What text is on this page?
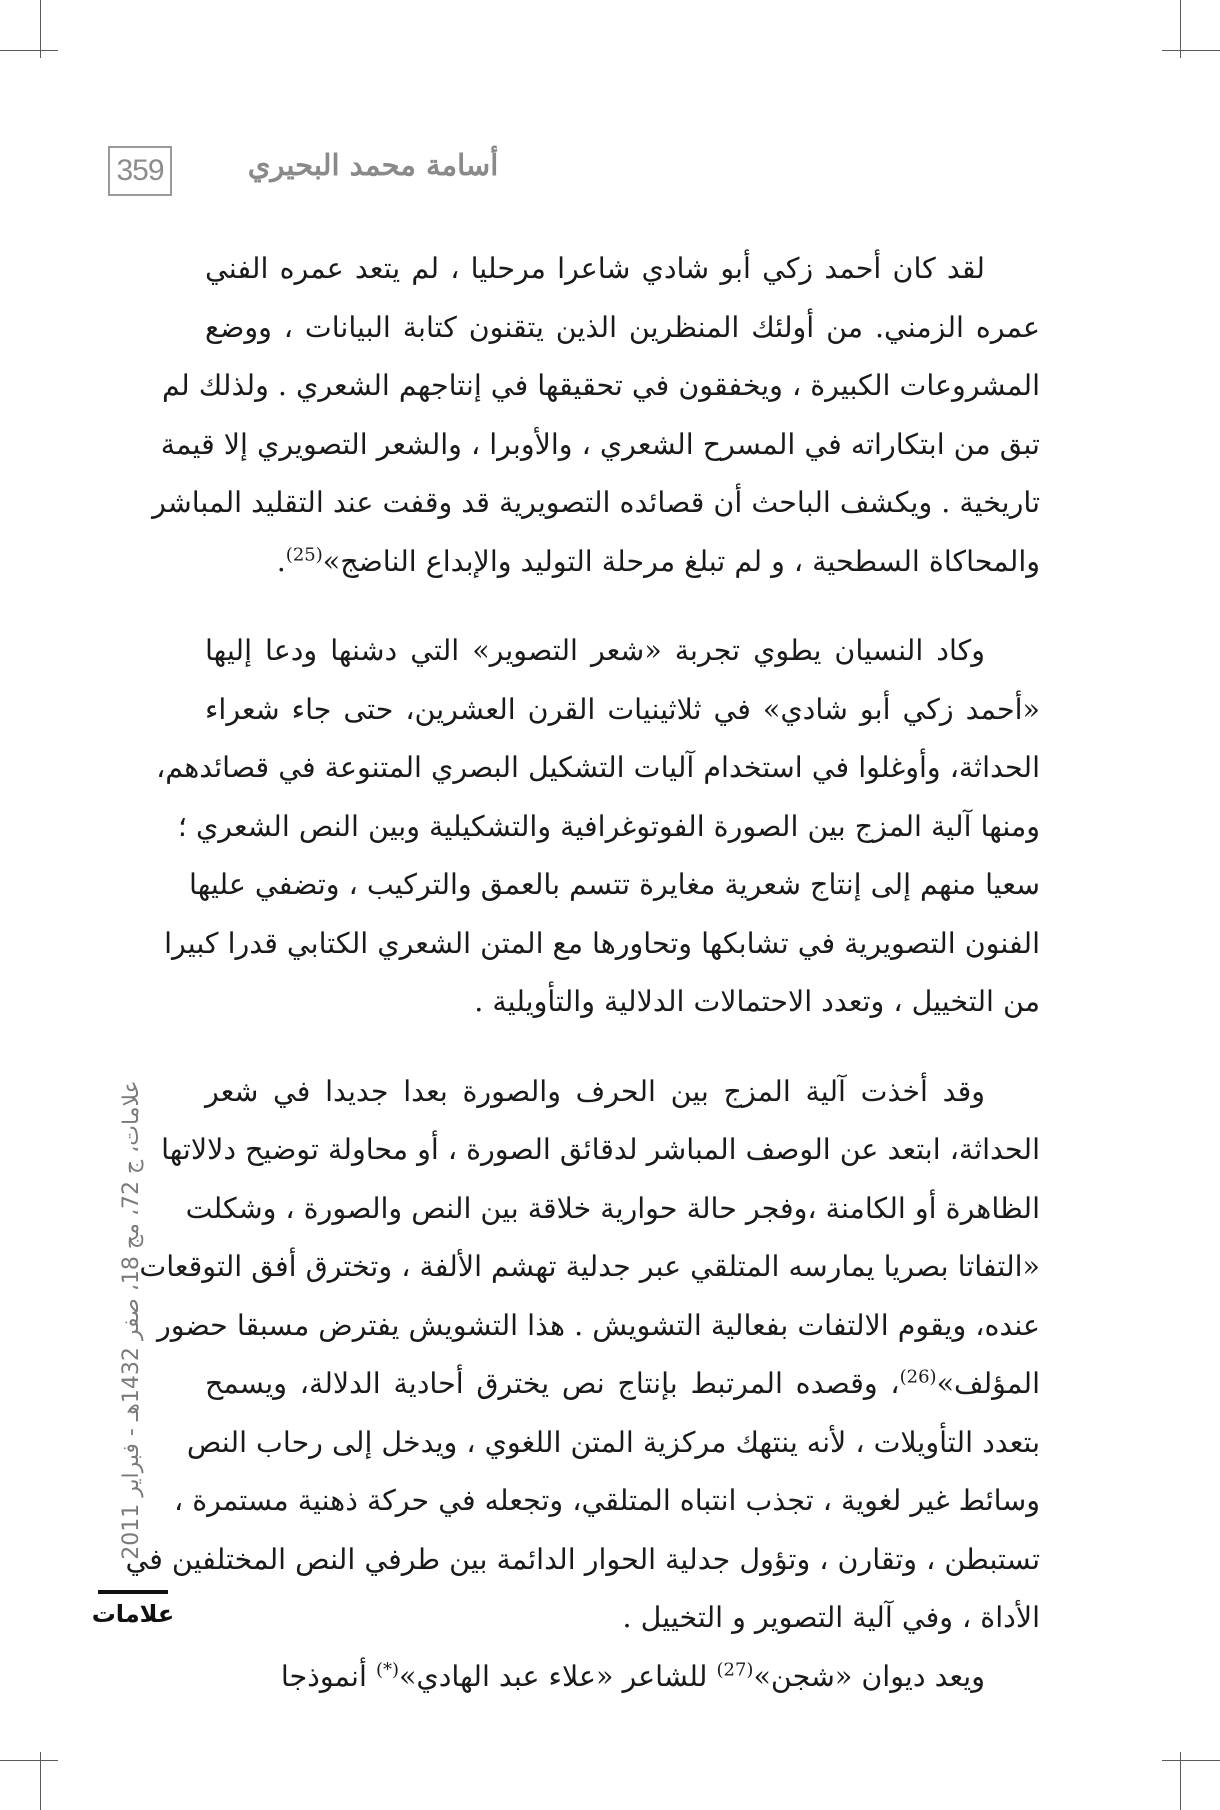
359	أسامة محمد البحيري
لقد كان أحمد زكي أبو شادي شاعرا مرحليا ، لم يتعد عمره الفني
عمره الزمني. من أولئك المنظرين الذين يتقنون كتابة البيانات ، ووضع
المشروعات الكبيرة ، ويخفقون في تحقيقها في إنتاجهم الشعري . ولذلك لم
تبق من ابتكاراته في المسرح الشعري ، والأوبرا ، والشعر التصويري إلا قيمة
تاريخية . ويكشف الباحث أن قصائده التصويرية قد وقفت عند التقليد المباشر
والمحاكاة السطحية ، و لم تبلغ مرحلة التوليد والإبداع الناضج»$^{(25)}$.
وكاد النسيان يطوي تجربة «شعر التصوير» التي دشنها ودعا إليها
«أحمد زكي أبو شادي» في ثلاثينيات القرن العشرين، حتى جاء شعراء
الحداثة، وأوغلوا في استخدام آليات التشكيل البصري المتنوعة في قصائدهم،
ومنها آلية المزج بين الصورة الفوتوغرافية والتشكيلية وبين النص الشعري ؛
سعيا منهم إلى إنتاج شعرية مغايرة تتسم بالعمق والتركيب ، وتضفي عليها
الفنون التصويرية في تشابكها وتحاورها مع المتن الشعري الكتابي قدرا كبيرا
من التخييل ، وتعدد الاحتمالات الدلالية والتأويلية .
وقد أخذت آلية المزج بين الحرف والصورة بعدا جديدا في شعر
الحداثة، ابتعد عن الوصف المباشر لدقائق الصورة ، أو محاولة توضيح دلالاتها
الظاهرة أو الكامنة ،وفجر حالة حوارية خلاقة بين النص والصورة ، وشكلت
«التفاتا بصريا يمارسه المتلقي عبر جدلية تهشم الألفة ، وتخترق أفق التوقعات
عنده، ويقوم الالتفات بفعالية التشويش . هذا التشويش يفترض مسبقا حضور
المؤلف»$^{(26)}$، وقصده المرتبط بإنتاج نص يخترق أحادية الدلالة، ويسمح
بتعدد التأويلات ، لأنه ينتهك مركزية المتن اللغوي ، ويدخل إلى رحاب النص
وسائط غير لغوية ، تجذب انتباه المتلقي، وتجعله في حركة ذهنية مستمرة ،
تستبطن ، وتقارن ، وتؤول جدلية الحوار الدائمة بين طرفي النص المختلفين في
الأداة ، وفي آلية التصوير و التخييل .
ويعد ديوان «شجن»$^{(27)}$ للشاعر «علاء عبد الهادي»(*) أنموذجا
علامات، ج 72، مج 18، صفر 1432هـ - فبراير 2011
علامات
